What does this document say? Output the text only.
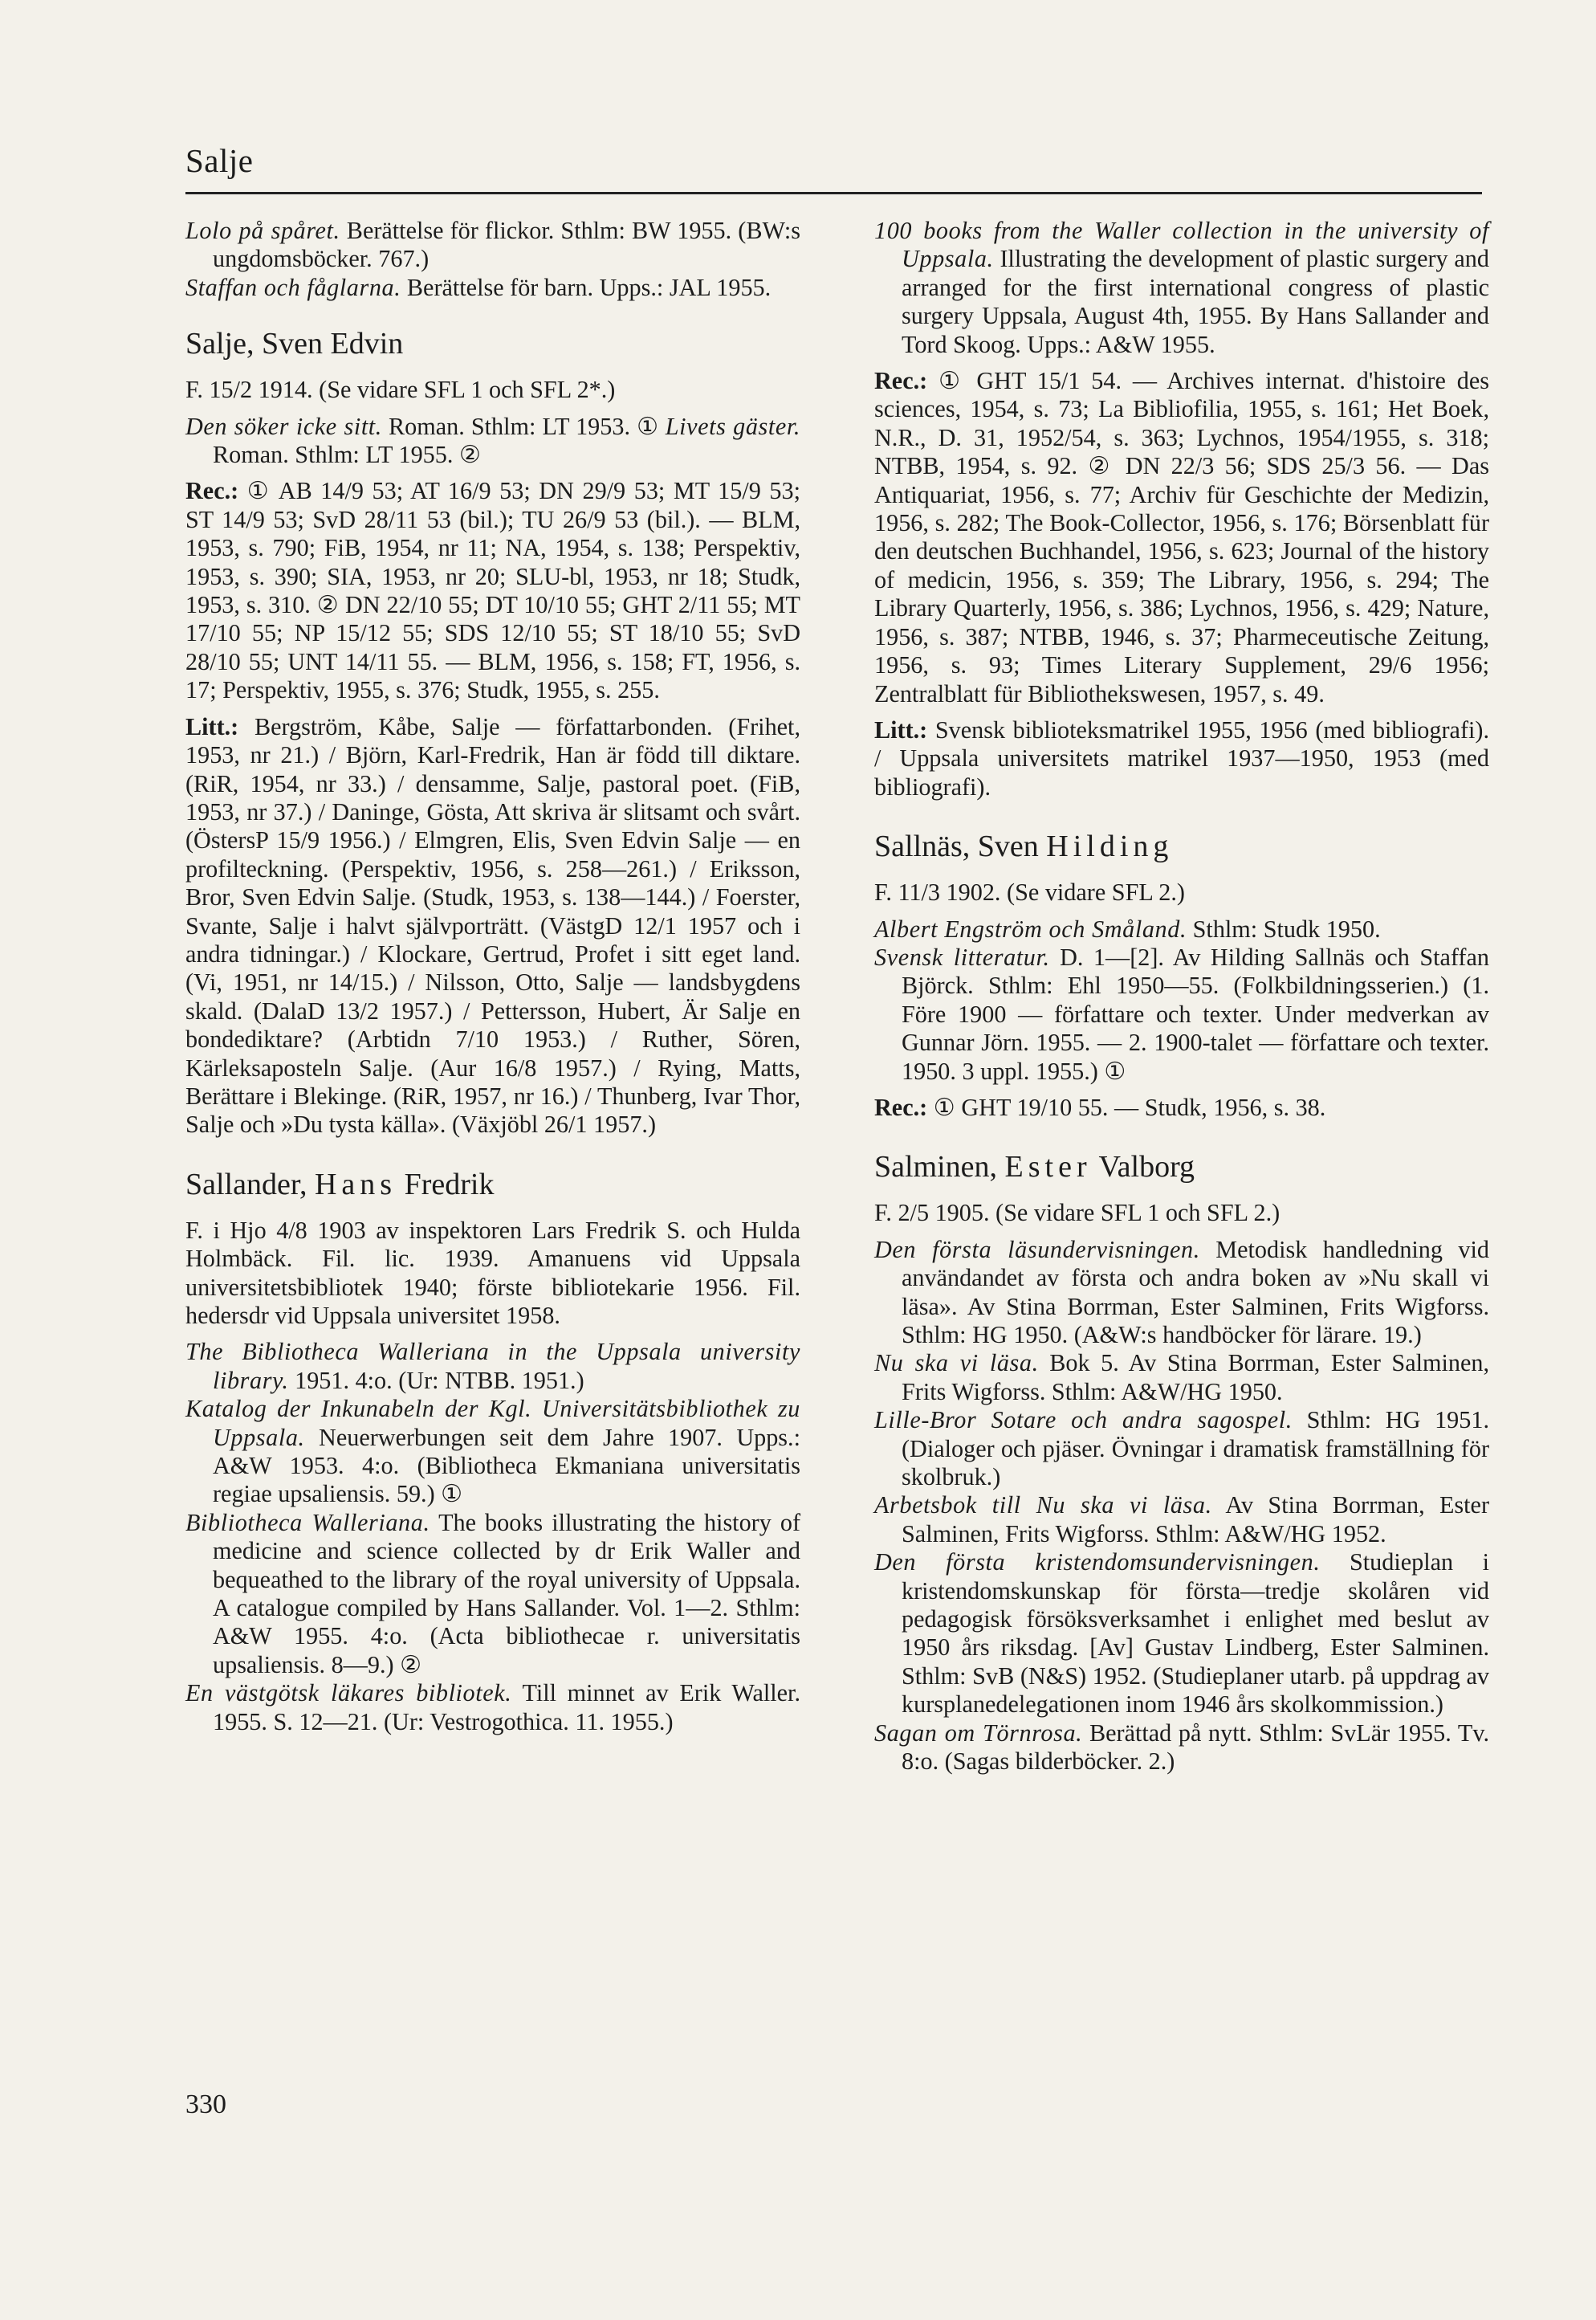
Salje

Lolo på spåret. Berättelse för flickor. Sthlm: BW 1955. (BW:s ungdomsböcker. 767.)

Staffan och fåglarna. Berättelse för barn. Upps.: JAL 1955.

Salje, Sven Edvin

F. 15/2 1914. (Se vidare SFL 1 och SFL 2*.)

Den söker icke sitt. Roman. Sthlm: LT 1953. ① Livets gäster. Roman. Sthlm: LT 1955. ②

Rec.: ① AB 14/9 53; AT 16/9 53; DN 29/9 53; MT 15/9 53; ST 14/9 53; SvD 28/11 53 (bil.); TU 26/9 53 (bil.). — BLM, 1953, s. 790; FiB, 1954, nr 11; NA, 1954, s. 138; Perspektiv, 1953, s. 390; SIA, 1953, nr 20; SLU-bl, 1953, nr 18; Studk, 1953, s. 310. ② DN 22/10 55; DT 10/10 55; GHT 2/11 55; MT 17/10 55; NP 15/12 55; SDS 12/10 55; ST 18/10 55; SvD 28/10 55; UNT 14/11 55. — BLM, 1956, s. 158; FT, 1956, s. 17; Perspektiv, 1955, s. 376; Studk, 1955, s. 255.

Litt.: Bergström, Kåbe, Salje — författarbonden. (Frihet, 1953, nr 21.) / Björn, Karl-Fredrik, Han är född till diktare. (RiR, 1954, nr 33.) / densamme, Salje, pastoral poet. (FiB, 1953, nr 37.) / Daninge, Gösta, Att skriva är slitsamt och svårt. (ÖstersP 15/9 1956.) / Elmgren, Elis, Sven Edvin Salje — en profilteckning. (Perspektiv, 1956, s. 258—261.) / Eriksson, Bror, Sven Edvin Salje. (Studk, 1953, s. 138—144.) / Foerster, Svante, Salje i halvt självporträtt. (VästgD 12/1 1957 och i andra tidningar.) / Klockare, Gertrud, Profet i sitt eget land. (Vi, 1951, nr 14/15.) / Nilsson, Otto, Salje — landsbygdens skald. (DalaD 13/2 1957.) / Pettersson, Hubert, Är Salje en bondediktare? (Arbtidn 7/10 1953.) / Ruther, Sören, Kärleksaposteln Salje. (Aur 16/8 1957.) / Rying, Matts, Berättare i Blekinge. (RiR, 1957, nr 16.) / Thunberg, Ivar Thor, Salje och »Du tysta källa». (Växjöbl 26/1 1957.)

Sallander, Hans Fredrik

F. i Hjo 4/8 1903 av inspektoren Lars Fredrik S. och Hulda Holmbäck. Fil. lic. 1939. Amanuens vid Uppsala universitetsbibliotek 1940; förste bibliotekarie 1956. Fil. hedersdr vid Uppsala universitet 1958.

The Bibliotheca Walleriana in the Uppsala university library. 1951. 4:o. (Ur: NTBB. 1951.)

Katalog der Inkunabeln der Kgl. Universitätsbibliothek zu Uppsala. Neuerwerbungen seit dem Jahre 1907. Upps.: A&W 1953. 4:o. (Bibliotheca Ekmaniana universitatis regiae upsaliensis. 59.) ①

Bibliotheca Walleriana. The books illustrating the history of medicine and science collected by dr Erik Waller and bequeathed to the library of the royal university of Uppsala. A catalogue compiled by Hans Sallander. Vol. 1—2. Sthlm: A&W 1955. 4:o. (Acta bibliothecae r. universitatis upsaliensis. 8—9.) ②

En västgötsk läkares bibliotek. Till minnet av Erik Waller. 1955. S. 12—21. (Ur: Vestrogothica. 11. 1955.)

100 books from the Waller collection in the university of Uppsala. Illustrating the development of plastic surgery and arranged for the first international congress of plastic surgery Uppsala, August 4th, 1955. By Hans Sallander and Tord Skoog. Upps.: A&W 1955.

Rec.: ① GHT 15/1 54. — Archives internat. d'histoire des sciences, 1954, s. 73; La Bibliofilia, 1955, s. 161; Het Boek, N.R., D. 31, 1952/54, s. 363; Lychnos, 1954/1955, s. 318; NTBB, 1954, s. 92. ② DN 22/3 56; SDS 25/3 56. — Das Antiquariat, 1956, s. 77; Archiv für Geschichte der Medizin, 1956, s. 282; The Book-Collector, 1956, s. 176; Börsenblatt für den deutschen Buchhandel, 1956, s. 623; Journal of the history of medicin, 1956, s. 359; The Library, 1956, s. 294; The Library Quarterly, 1956, s. 386; Lychnos, 1956, s. 429; Nature, 1956, s. 387; NTBB, 1946, s. 37; Pharmeceutische Zeitung, 1956, s. 93; Times Literary Supplement, 29/6 1956; Zentralblatt für Bibliothekswesen, 1957, s. 49.

Litt.: Svensk biblioteksmatrikel 1955, 1956 (med bibliografi). / Uppsala universitets matrikel 1937—1950, 1953 (med bibliografi).

Sallnäs, Sven Hilding

F. 11/3 1902. (Se vidare SFL 2.)

Albert Engström och Småland. Sthlm: Studk 1950.

Svensk litteratur. D. 1—[2]. Av Hilding Sallnäs och Staffan Björck. Sthlm: Ehl 1950—55. (Folkbildningsserien.) (1. Före 1900 — författare och texter. Under medverkan av Gunnar Jörn. 1955. — 2. 1900-talet — författare och texter. 1950. 3 uppl. 1955.) ①

Rec.: ① GHT 19/10 55. — Studk, 1956, s. 38.

Salminen, Ester Valborg

F. 2/5 1905. (Se vidare SFL 1 och SFL 2.)

Den första läsundervisningen. Metodisk handledning vid användandet av första och andra boken av »Nu skall vi läsa». Av Stina Borrman, Ester Salminen, Frits Wigforss. Sthlm: HG 1950. (A&W:s handböcker för lärare. 19.)

Nu ska vi läsa. Bok 5. Av Stina Borrman, Ester Salminen, Frits Wigforss. Sthlm: A&W/HG 1950.

Lille-Bror Sotare och andra sagospel. Sthlm: HG 1951. (Dialoger och pjäser. Övningar i dramatisk framställning för skolbruk.)

Arbetsbok till Nu ska vi läsa. Av Stina Borrman, Ester Salminen, Frits Wigforss. Sthlm: A&W/HG 1952.

Den första kristendomsundervisningen. Studieplan i kristendomskunskap för första—tredje skolåren vid pedagogisk försöksverksamhet i enlighet med beslut av 1950 års riksdag. [Av] Gustav Lindberg, Ester Salminen. Sthlm: SvB (N&S) 1952. (Studieplaner utarb. på uppdrag av kursplanedelegationen inom 1946 års skolkommission.)

Sagan om Törnrosa. Berättad på nytt. Sthlm: SvLär 1955. Tv. 8:o. (Sagas bilderböcker. 2.)

330
